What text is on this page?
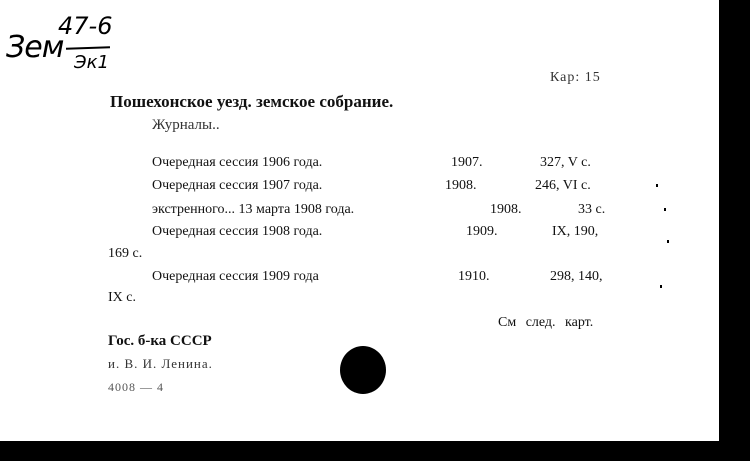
Зем
47-6
Эк1
Кар: 15
Пошехонское уезд. земское собрание.
Журналы..
Очередная сессия 1906 года.	1907.	327, V с.
Очередная сессия 1907 года.	1908.	246, VI с.
экстренного... 13 марта 1908 года.	1908.	33 с.
Очередная сессия 1908 года.	1909.	IX, 190,
169 с.
Очередная сессия 1909 года	1910.	298, 140,
IX с.
См след. карт.
Гос. б-ка СССР
и. В. И. Ленина.
4008 — 4
